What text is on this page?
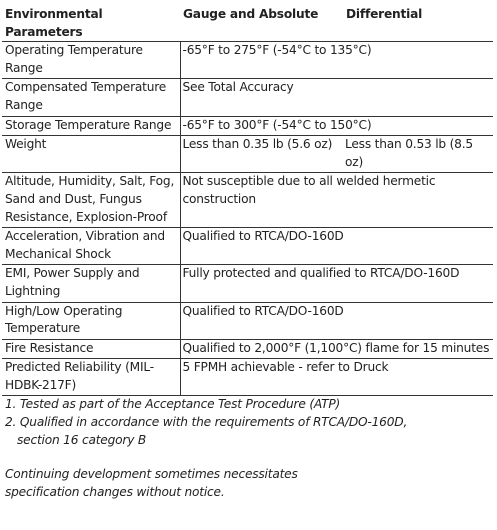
Environmental Parameters	Gauge and Absolute	Differential
Operating Temperature Range	-65°F to 275°F (-54°C to 135°C)	
Compensated Temperature Range	See Total Accuracy	
Storage Temperature Range	-65°F to 300°F (-54°C to 150°C)	
Weight	Less than 0.35 lb (5.6 oz)	Less than 0.53 lb (8.5 oz)
Altitude, Humidity, Salt, Fog, Sand and Dust, Fungus Resistance, Explosion-Proof	Not susceptible due to all welded hermetic construction	
Acceleration, Vibration and Mechanical Shock	Qualified to RTCA/DO-160D	
EMI, Power Supply and Lightning	Fully protected and qualified to RTCA/DO-160D	
High/Low Operating Temperature	Qualified to RTCA/DO-160D	
Fire Resistance	Qualified to 2,000°F (1,100°C) flame for 15 minutes	
Predicted Reliability (MIL-HDBK-217F)	5 FPMH achievable - refer to Druck	
1. Tested as part of the Acceptance Test Procedure (ATP)
2. Qualified in accordance with the requirements of RTCA/DO-160D,
section 16 category B
Continuing development sometimes necessitates
specification changes without notice.
